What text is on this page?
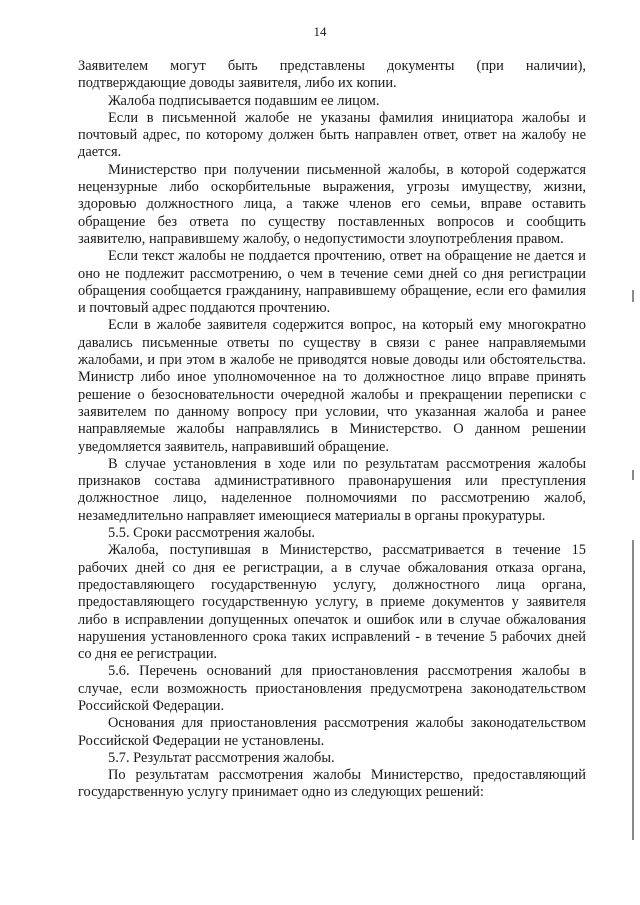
14

Заявителем могут быть представлены документы (при наличии), подтверждающие доводы заявителя, либо их копии.

Жалоба подписывается подавшим ее лицом.

Если в письменной жалобе не указаны фамилия инициатора жалобы и почтовый адрес, по которому должен быть направлен ответ, ответ на жалобу не дается.

Министерство при получении письменной жалобы, в которой содержатся нецензурные либо оскорбительные выражения, угрозы имуществу, жизни, здоровью должностного лица, а также членов его семьи, вправе оставить обращение без ответа по существу поставленных вопросов и сообщить заявителю, направившему жалобу, о недопустимости злоупотребления правом.

Если текст жалобы не поддается прочтению, ответ на обращение не дается и оно не подлежит рассмотрению, о чем в течение семи дней со дня регистрации обращения сообщается гражданину, направившему обращение, если его фамилия и почтовый адрес поддаются прочтению.

Если в жалобе заявителя содержится вопрос, на который ему многократно давались письменные ответы по существу в связи с ранее направляемыми жалобами, и при этом в жалобе не приводятся новые доводы или обстоятельства. Министр либо иное уполномоченное на то должностное лицо вправе принять решение о безосновательности очередной жалобы и прекращении переписки с заявителем по данному вопросу при условии, что указанная жалоба и ранее направляемые жалобы направлялись в Министерство. О данном решении уведомляется заявитель, направивший обращение.

В случае установления в ходе или по результатам рассмотрения жалобы признаков состава административного правонарушения или преступления должностное лицо, наделенное полномочиями по рассмотрению жалоб, незамедлительно направляет имеющиеся материалы в органы прокуратуры.

5.5. Сроки рассмотрения жалобы.

Жалоба, поступившая в Министерство, рассматривается в течение 15 рабочих дней со дня ее регистрации, а в случае обжалования отказа органа, предоставляющего государственную услугу, должностного лица органа, предоставляющего государственную услугу, в приеме документов у заявителя либо в исправлении допущенных опечаток и ошибок или в случае обжалования нарушения установленного срока таких исправлений - в течение 5 рабочих дней со дня ее регистрации.

5.6. Перечень оснований для приостановления рассмотрения жалобы в случае, если возможность приостановления предусмотрена законодательством Российской Федерации.

Основания для приостановления рассмотрения жалобы законодательством Российской Федерации не установлены.

5.7. Результат рассмотрения жалобы.

По результатам рассмотрения жалобы Министерство, предоставляющий государственную услугу принимает одно из следующих решений:
